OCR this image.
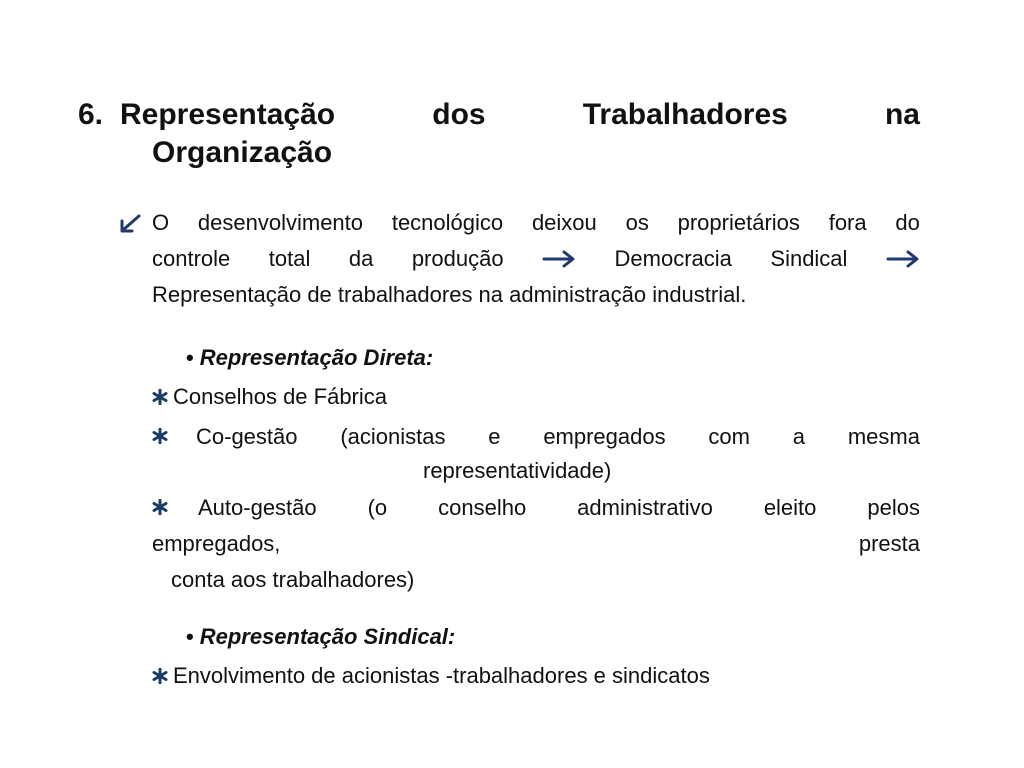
6. Representação	dos	Trabalhadores	na
Organização
O desenvolvimento tecnológico deixou os proprietários fora do
controle total da produção	Democracia Sindical
Representação de trabalhadores na administração industrial.
• Representação Direta:
Conselhos de Fábrica
Co-gestão (acionistas e empregados com a mesma
representatividade)
Auto-gestão (o conselho administrativo eleito pelos
empregados,	presta
conta aos trabalhadores)
• Representação Sindical:
Envolvimento de acionistas -trabalhadores e sindicatos
